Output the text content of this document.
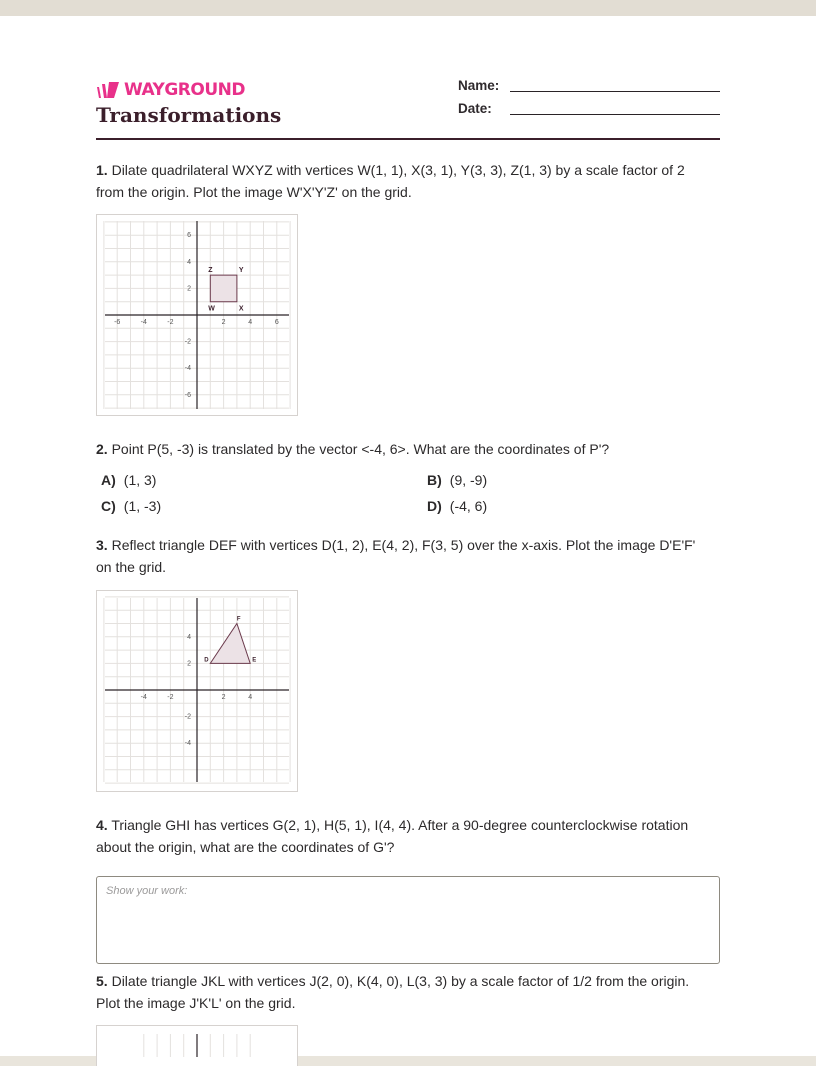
WAYGROUND
Transformations
Name:
Date:
1. Dilate quadrilateral WXYZ with vertices W(1, 1), X(3, 1), Y(3, 3), Z(1, 3) by a scale factor of 2
from the origin. Plot the image W'X'Y'Z' on the grid.
-6	-4	-2	2	4	6
6
4
2
-2
-4
-6
W	X
Y
Z
2. Point P(5, -3) is translated by the vector <-4, 6>. What are the coordinates of P'?
A) (1, 3)	B) (9, -9)
C) (1, -3)	D) (-4, 6)
3. Reflect triangle DEF with vertices D(1, 2), E(4, 2), F(3, 5) over the x-axis. Plot the image D'E'F'
on the grid.
-4	-2	2	4
4
2
-2
-4
D	E
F
4. Triangle GHI has vertices G(2, 1), H(5, 1), I(4, 4). After a 90-degree counterclockwise rotation
about the origin, what are the coordinates of G'?
Show your work:
5. Dilate triangle JKL with vertices J(2, 0), K(4, 0), L(3, 3) by a scale factor of 1/2 from the origin.
Plot the image J'K'L' on the grid.
